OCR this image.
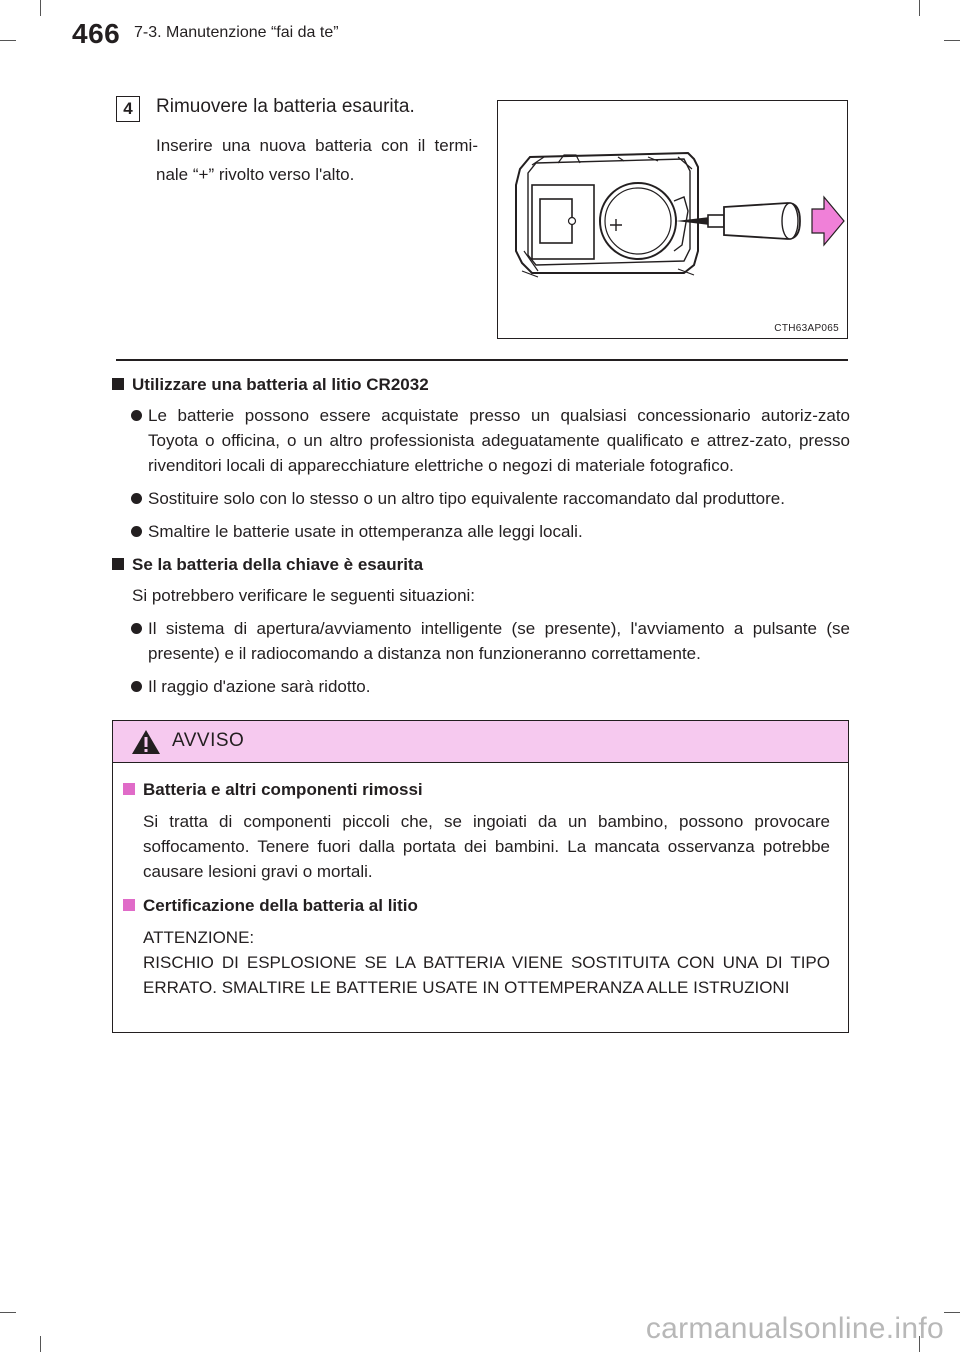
466 7-3. Manutenzione “fai da te”
4	Rimuovere la batteria esaurita.
Inserire una nuova batteria con il termi-nale “+” rivolto verso l'alto.
CTH63AP065
Utilizzare una batteria al litio CR2032
Le batterie possono essere acquistate presso un qualsiasi concessionario autoriz-zato Toyota o officina, o un altro professionista adeguatamente qualificato e attrez-zato, presso rivenditori locali di apparecchiature elettriche o negozi di materiale fotografico.
Sostituire solo con lo stesso o un altro tipo equivalente raccomandato dal produttore.
Smaltire le batterie usate in ottemperanza alle leggi locali.
Se la batteria della chiave è esaurita
Si potrebbero verificare le seguenti situazioni:
Il sistema di apertura/avviamento intelligente (se presente), l'avviamento a pulsante (se presente) e il radiocomando a distanza non funzioneranno correttamente.
Il raggio d'azione sarà ridotto.
AVVISO
Batteria e altri componenti rimossi
Si tratta di componenti piccoli che, se ingoiati da un bambino, possono provocare soffocamento. Tenere fuori dalla portata dei bambini. La mancata osservanza potrebbe causare lesioni gravi o mortali.
Certificazione della batteria al litio
ATTENZIONE:
RISCHIO DI ESPLOSIONE SE LA BATTERIA VIENE SOSTITUITA CON UNA DI TIPO ERRATO. SMALTIRE LE BATTERIE USATE IN OTTEMPERANZA ALLE ISTRUZIONI
carmanualsonline.info
